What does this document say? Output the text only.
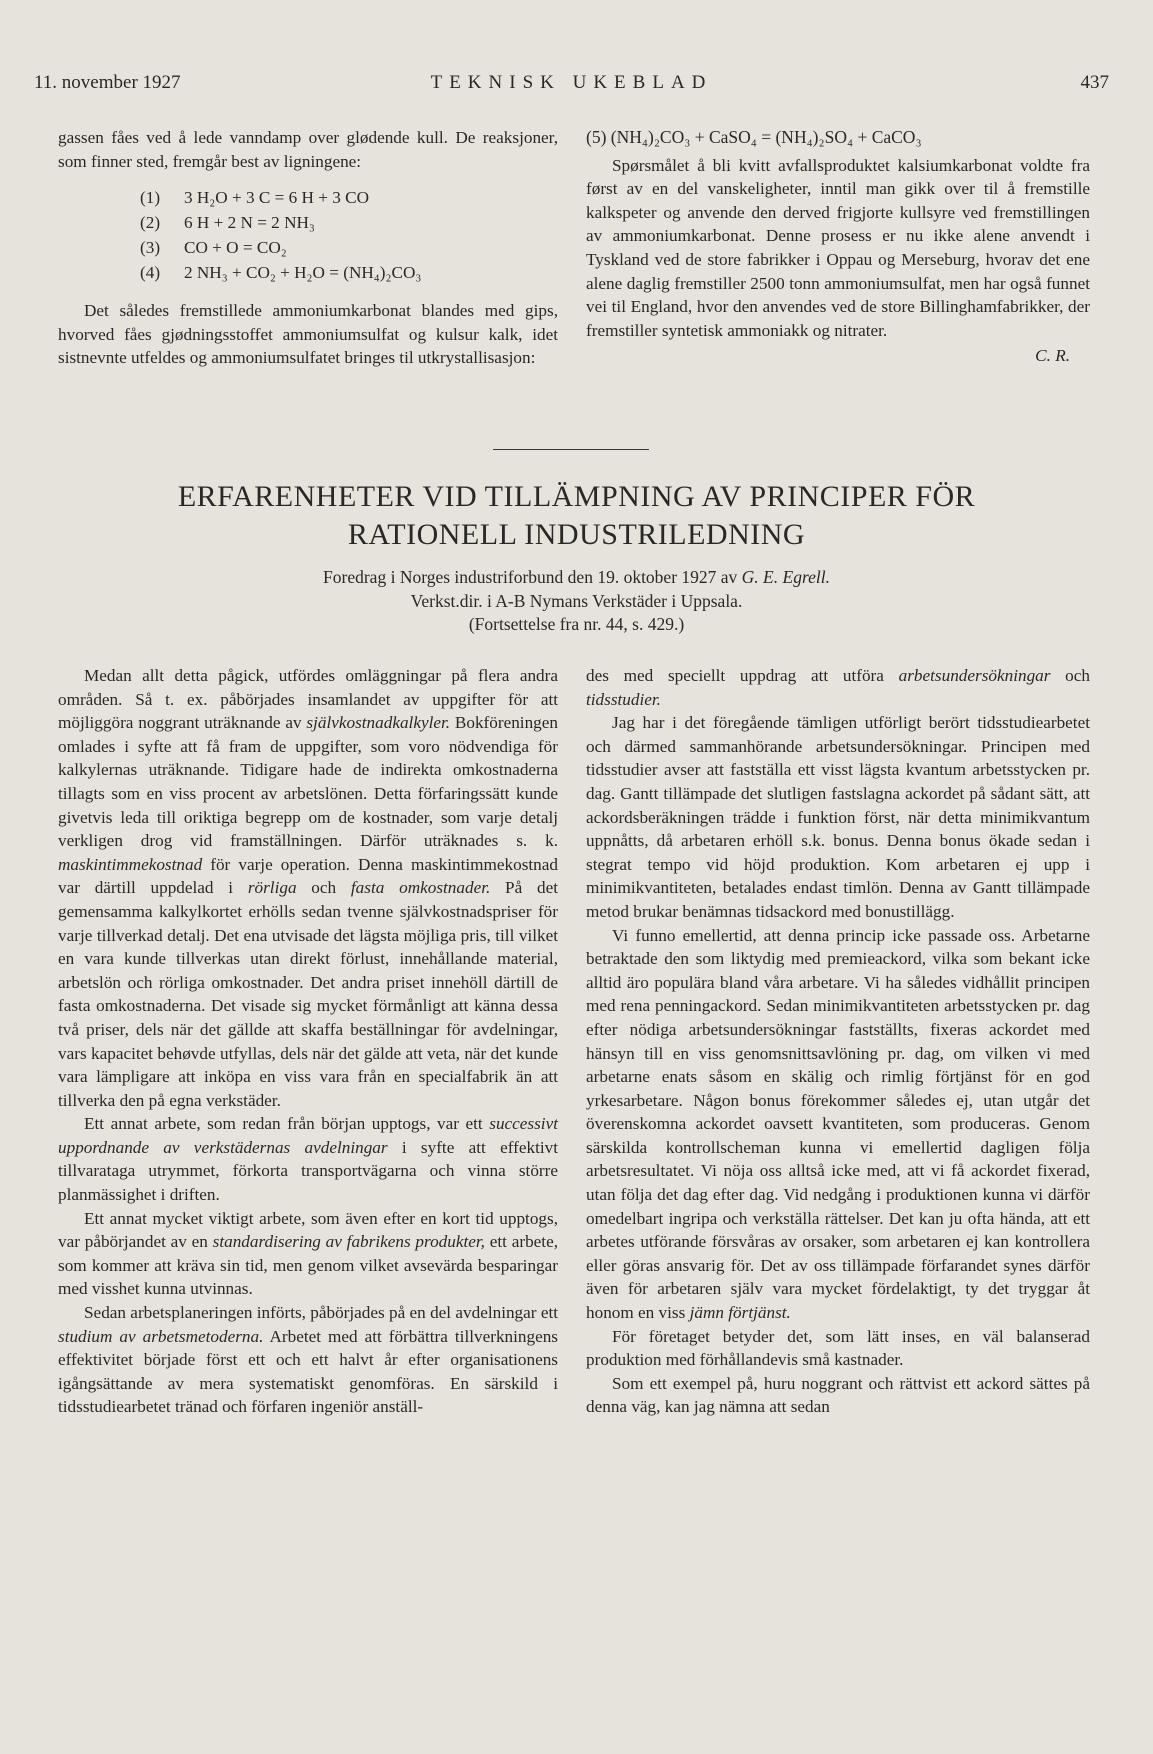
11. november 1927	TEKNISK UKEBLAD	437

gassen fåes ved å lede vanndamp over glødende kull. De reaksjoner, som finner sted, fremgår best av ligningene:

(1) 3 H₂O + 3 C = 6 H + 3 CO
(2) 6 H + 2 N = 2 NH₃
(3) CO + O = CO₂
(4) 2 NH₃ + CO₂ + H₂O = (NH₄)₂CO₃

Det således fremstillede ammoniumkarbonat blandes med gips, hvorved fåes gjødningsstoffet ammoniumsulfat og kulsur kalk, idet sistnevnte utfeldes og ammoniumsulfatet bringes til utkrystallisasjon:

(5) (NH₄)₂CO₃ + CaSO₄ = (NH₄)₂SO₄ + CaCO₃

Spørsmålet å bli kvitt avfallsproduktet kalsiumkarbonat voldte fra først av en del vanskeligheter, inntil man gikk over til å fremstille kalkspeter og anvende den derved frigjorte kullsyre ved fremstillingen av ammoniumkarbonat. Denne prosess er nu ikke alene anvendt i Tyskland ved de store fabrikker i Oppau og Merseburg, hvorav det ene alene daglig fremstiller 2500 tonn ammoniumsulfat, men har også funnet vei til England, hvor den anvendes ved de store Billinghamfabrikker, der fremstiller syntetisk ammoniakk og nitrater.

C. R.
ERFARENHETER VID TILLÄMPNING AV PRINCIPER FÖR
RATIONELL INDUSTRILEDNING
Foredrag i Norges industriforbund den 19. oktober 1927 av G. E. Egrell.
Verkst.dir. i A-B Nymans Verkstäder i Uppsala.
(Fortsettelse fra nr. 44, s. 429.)

Medan allt detta pågick, utfördes omläggningar på flera andra områden. Så t. ex. påbörjades insamlandet av uppgifter för att möjliggöra noggrant uträknande av självkostnadkalkyler. Bokföreningen omlades i syfte att få fram de uppgifter, som voro nödvendiga för kalkylernas uträknande. Tidigare hade de indirekta omkostnaderna tillagts som en viss procent av arbetslönen. Detta förfaringssätt kunde givetvis leda till oriktiga begrepp om de kostnader, som varje detalj verkligen drog vid framställningen. Därför uträknades s. k. maskintimmekostnad för varje operation. Denna maskintimmekostnad var därtill uppdelad i rörliga och fasta omkostnader. På det gemensamma kalkylkortet erhölls sedan tvenne självkostnadspriser för varje tillverkad detalj. Det ena utvisade det lägsta möjliga pris, till vilket en vara kunde tillverkas utan direkt förlust, innehållande material, arbetslön och rörliga omkostnader. Det andra priset innehöll därtill de fasta omkostnaderna. Det visade sig mycket förmånligt att känna dessa två priser, dels när det gällde att skaffa beställningar för avdelningar, vars kapacitet behøvde utfyllas, dels när det gälde att veta, när det kunde vara lämpligare att inköpa en viss vara från en specialfabrik än att tillverka den på egna verkstäder.

Ett annat arbete, som redan från början upptogs, var ett successivt uppordnande av verkstädernas avdelningar i syfte att effektivt tillvarataga utrymmet, förkorta transportvägarna och vinna större planmässighet i driften.

Ett annat mycket viktigt arbete, som även efter en kort tid upptogs, var påbörjandet av en standardisering av fabrikens produkter, ett arbete, som kommer att kräva sin tid, men genom vilket avsevärda besparingar med visshet kunna utvinnas.

Sedan arbetsplaneringen införts, påbörjades på en del avdelningar ett studium av arbetsmetoderna. Arbetet med att förbättra tillverkningens effektivitet började först ett och ett halvt år efter organisationens igångsättande av mera systematiskt genomföras. En särskild i tidsstudiearbetet tränad och förfaren ingeniör anställ-

des med speciellt uppdrag att utföra arbetsundersökningar och tidsstudier.

Jag har i det föregående tämligen utförligt berört tidsstudiearbetet och därmed sammanhörande arbetsundersökningar. Principen med tidsstudier avser att fastställa ett visst lägsta kvantum arbetsstycken pr. dag. Gantt tillämpade det slutligen fastslagna ackordet på sådant sätt, att ackordsberäkningen trädde i funktion först, när detta minimikvantum uppnåtts, då arbetaren erhöll s.k. bonus. Denna bonus ökade sedan i stegrat tempo vid höjd produktion. Kom arbetaren ej upp i minimikvantiteten, betalades endast timlön. Denna av Gantt tillämpade metod brukar benämnas tidsackord med bonustillägg.

Vi funno emellertid, att denna princip icke passade oss. Arbetarne betraktade den som liktydig med premieackord, vilka som bekant icke alltid äro populära bland våra arbetare. Vi ha således vidhållit principen med rena penningackord. Sedan minimikvantiteten arbetsstycken pr. dag efter nödiga arbetsundersökningar fastställts, fixeras ackordet med hänsyn till en viss genomsnittsavlöning pr. dag, om vilken vi med arbetarne enats såsom en skälig och rimlig förtjänst för en god yrkesarbetare. Någon bonus förekommer således ej, utan utgår det överenskomna ackordet oavsett kvantiteten, som produceras. Genom särskilda kontrollscheman kunna vi emellertid dagligen följa arbetsresultatet. Vi nöja oss alltså icke med, att vi få ackordet fixerad, utan följa det dag efter dag. Vid nedgång i produktionen kunna vi därför omedelbart ingripa och verkställa rättelser. Det kan ju ofta hända, att ett arbetes utförande försvåras av orsaker, som arbetaren ej kan kontrollera eller göras ansvarig för. Det av oss tillämpade förfarandet synes därför även för arbetaren själv vara mycket fördelaktigt, ty det tryggar åt honom en viss jämn förtjänst.

För företaget betyder det, som lätt inses, en väl balanserad produktion med förhållandevis små kastnader.

Som ett exempel på, huru noggrant och rättvist ett ackord sättes på denna väg, kan jag nämna att sedan
